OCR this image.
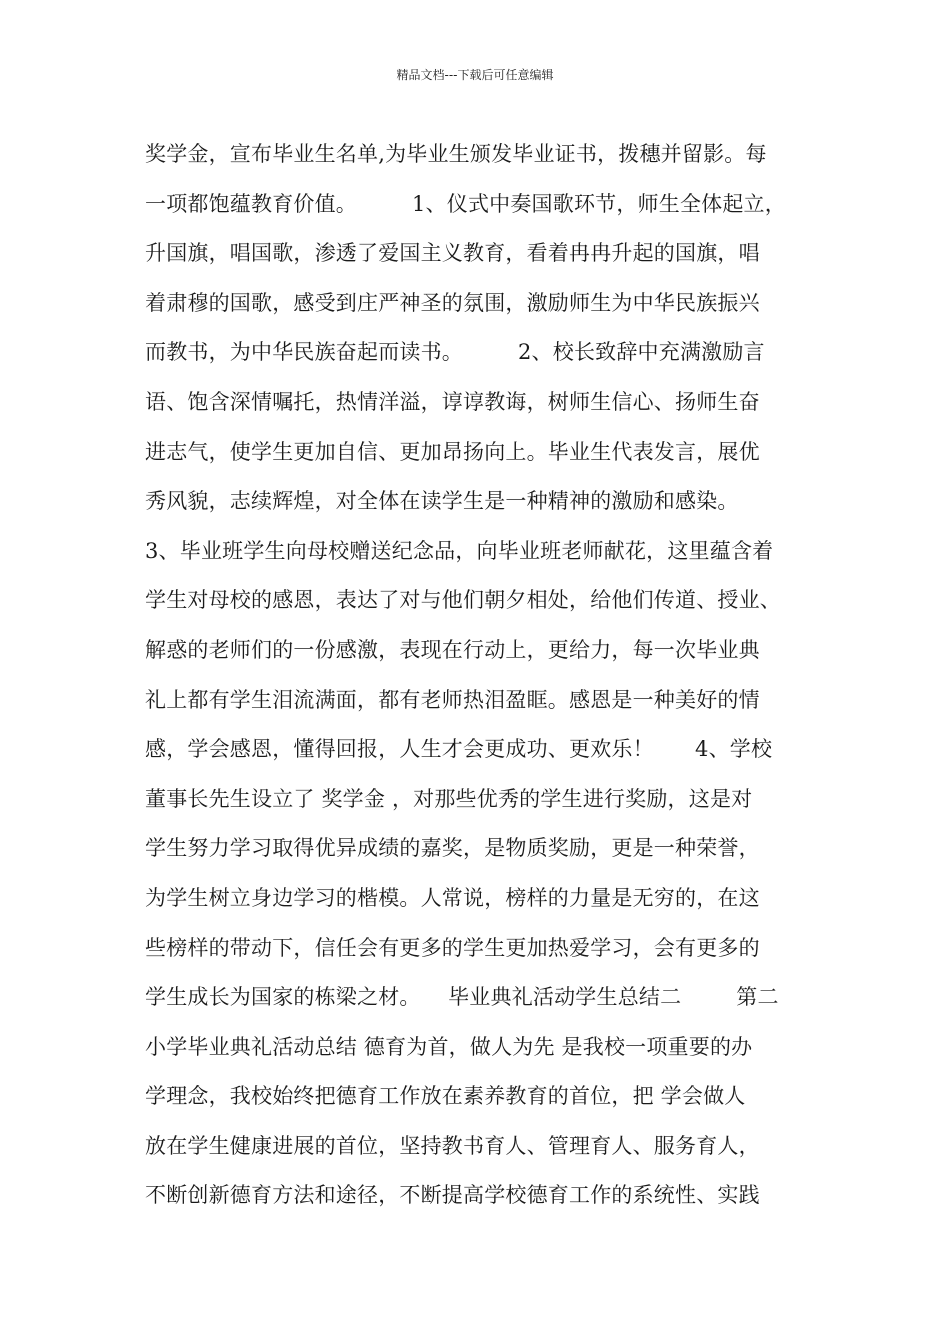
精品文档---下载后可任意编辑
奖学金，宣布毕业生名单,为毕业生颁发毕业证书，拨穗并留影。每
一项都饱蕴教育价值。        1、仪式中奏国歌环节，师生全体起立，
升国旗，唱国歌，渗透了爱国主义教育，看着冉冉升起的国旗，唱
着肃穆的国歌，感受到庄严神圣的氛围，激励师生为中华民族振兴
而教书，为中华民族奋起而读书。        2、校长致辞中充满激励言
语、饱含深情嘱托，热情洋溢，谆谆教诲，树师生信心、扬师生奋
进志气，使学生更加自信、更加昂扬向上。毕业生代表发言，展优
秀风貌，志续辉煌，对全体在读学生是一种精神的激励和感染。
3、毕业班学生向母校赠送纪念品，向毕业班老师献花，这里蕴含着
学生对母校的感恩，表达了对与他们朝夕相处，给他们传道、授业、
解惑的老师们的一份感激，表现在行动上，更给力，每一次毕业典
礼上都有学生泪流满面，都有老师热泪盈眶。感恩是一种美好的情
感，学会感恩，懂得回报，人生才会更成功、更欢乐！      4、学校
董事长先生设立了 奖学金 ，对那些优秀的学生进行奖励，这是对
学生努力学习取得优异成绩的嘉奖，是物质奖励，更是一种荣誉，
为学生树立身边学习的楷模。人常说，榜样的力量是无穷的，在这
些榜样的带动下，信任会有更多的学生更加热爱学习，会有更多的
学生成长为国家的栋梁之材。    毕业典礼活动学生总结二        第二
小学毕业典礼活动总结 德育为首，做人为先 是我校一项重要的办
学理念，我校始终把德育工作放在素养教育的首位，把 学会做人
放在学生健康进展的首位，坚持教书育人、管理育人、服务育人，
不断创新德育方法和途径，不断提高学校德育工作的系统性、实践
